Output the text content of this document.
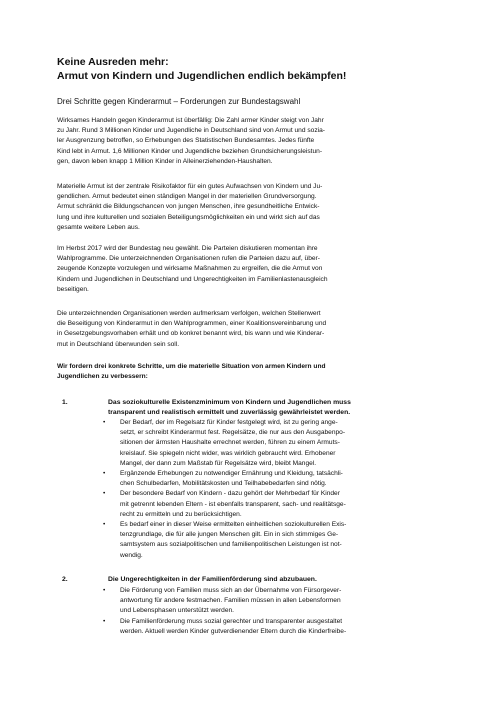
Keine Ausreden mehr:
Armut von Kindern und Jugendlichen endlich bekämpfen!
Drei Schritte gegen Kinderarmut – Forderungen zur Bundestagswahl
Wirksames Handeln gegen Kinderarmut ist überfällig: Die Zahl armer Kinder steigt von Jahr
zu Jahr. Rund 3 Millionen Kinder und Jugendliche in Deutschland sind von Armut und sozia-
ler Ausgrenzung betroffen, so Erhebungen des Statistischen Bundesamtes. Jedes fünfte
Kind lebt in Armut. 1,6 Millionen Kinder und Jugendliche beziehen Grundsicherungsleistun-
gen, davon leben knapp 1 Million Kinder in Alleinerziehenden-Haushalten.
Materielle Armut ist der zentrale Risikofaktor für ein gutes Aufwachsen von Kindern und Ju-
gendlichen. Armut bedeutet einen ständigen Mangel in der materiellen Grundversorgung.
Armut schränkt die Bildungschancen von jungen Menschen, ihre gesundheitliche Entwick-
lung und ihre kulturellen und sozialen Beteiligungsmöglichkeiten ein und wirkt sich auf das
gesamte weitere Leben aus.
Im Herbst 2017 wird der Bundestag neu gewählt. Die Parteien diskutieren momentan ihre
Wahlprogramme. Die unterzeichnenden Organisationen rufen die Parteien dazu auf, über-
zeugende Konzepte vorzulegen und wirksame Maßnahmen zu ergreifen, die die Armut von
Kindern und Jugendlichen in Deutschland und Ungerechtigkeiten im Familienlastenausgleich
beseitigen.
Die unterzeichnenden Organisationen werden aufmerksam verfolgen, welchen Stellenwert
die Beseitigung von Kinderarmut in den Wahlprogrammen, einer Koalitionsvereinbarung und
in Gesetzgebungsvorhaben erhält und ob konkret benannt wird, bis wann und wie Kinderar-
mut in Deutschland überwunden sein soll.
Wir fordern drei konkrete Schritte, um die materielle Situation von armen Kindern und
Jugendlichen zu verbessern:
1.	Das soziokulturelle Existenzminimum von Kindern und Jugendlichen muss
transparent und realistisch ermittelt und zuverlässig gewährleistet werden.
•	Der Bedarf, der im Regelsatz für Kinder festgelegt wird, ist zu gering ange-
setzt, er schreibt Kinderarmut fest. Regelsätze, die nur aus den Ausgabenpo-
sitionen der ärmsten Haushalte errechnet werden, führen zu einem Armuts-
kreislauf. Sie spiegeln nicht wider, was wirklich gebraucht wird. Erhobener
Mangel, der dann zum Maßstab für Regelsätze wird, bleibt Mangel.
•	Ergänzende Erhebungen zu notwendiger Ernährung und Kleidung, tatsächli-
chen Schulbedarfen, Mobilitätskosten und Teilhabebedarfen sind nötig.
•	Der besondere Bedarf von Kindern - dazu gehört der Mehrbedarf für Kinder
mit getrennt lebenden Eltern - ist ebenfalls transparent, sach- und realitätsge-
recht zu ermitteln und zu berücksichtigen.
•	Es bedarf einer in dieser Weise ermittelten einheitlichen soziokulturellen Exis-
tenzgrundlage, die für alle jungen Menschen gilt. Ein in sich stimmiges Ge-
samtsystem aus sozialpolitischen und familienpolitischen Leistungen ist not-
wendig.
2.	Die Ungerechtigkeiten in der Familienförderung sind abzubauen.
•	Die Förderung von Familien muss sich an der Übernahme von Fürsorgever-
antwortung für andere festmachen. Familien müssen in allen Lebensformen
und Lebensphasen unterstützt werden.
•	Die Familienförderung muss sozial gerechter und transparenter ausgestaltet
werden. Aktuell werden Kinder gutverdienender Eltern durch die Kinderfreibe-
